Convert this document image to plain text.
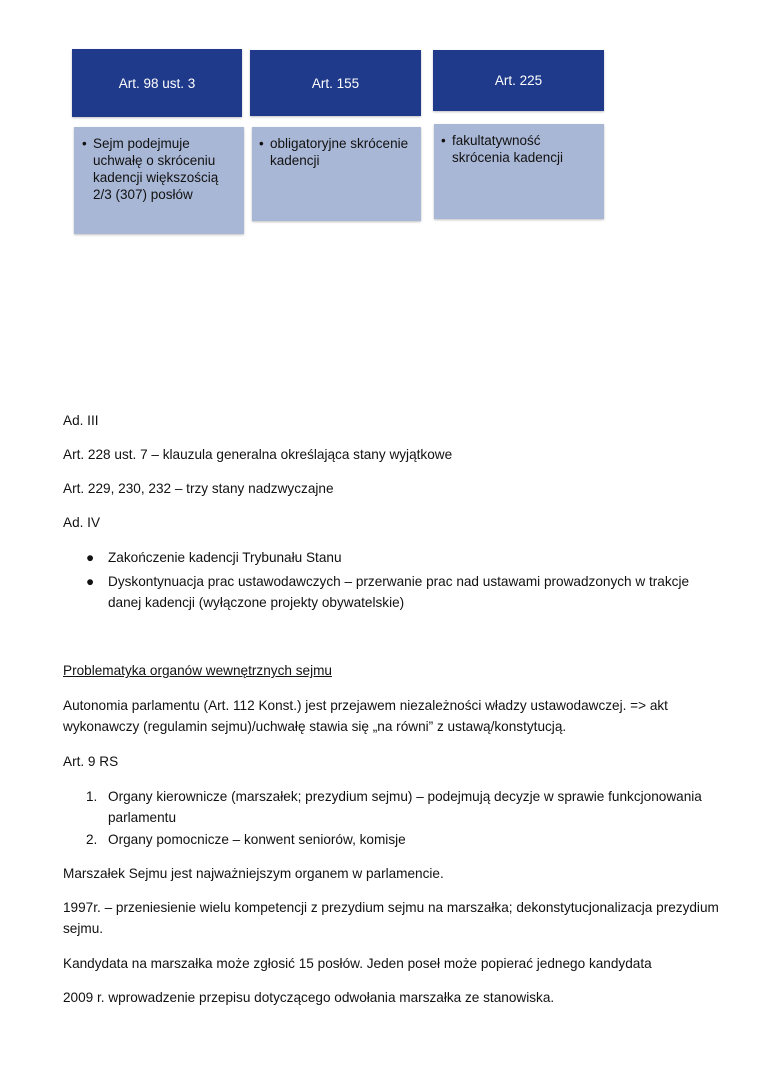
Art. 98 ust. 3	Art. 155	Art. 225
• Sejm podejmuje uchwałę o skróceniu kadencji większością 2/3 (307) posłów
• obligatoryjne skrócenie kadencji
• fakultatywność skrócenia kadencji
Ad. III
Art. 228 ust. 7 – klauzula generalna określająca stany wyjątkowe
Art. 229, 230, 232 – trzy stany nadzwyczajne
Ad. IV
● Zakończenie kadencji Trybunału Stanu
● Dyskontynuacja prac ustawodawczych – przerwanie prac nad ustawami prowadzonych w trakcje danej kadencji (wyłączone projekty obywatelskie)
Problematyka organów wewnętrznych sejmu
Autonomia parlamentu (Art. 112 Konst.) jest przejawem niezależności władzy ustawodawczej. => akt wykonawczy (regulamin sejmu)/uchwałę stawia się „na równi” z ustawą/konstytucją.
Art. 9 RS
1. Organy kierownicze (marszałek; prezydium sejmu) – podejmują decyzje w sprawie funkcjonowania parlamentu
2. Organy pomocnicze – konwent seniorów, komisje
Marszałek Sejmu jest najważniejszym organem w parlamencie.
1997r. – przeniesienie wielu kompetencji z prezydium sejmu na marszałka; dekonstytucjonalizacja prezydium sejmu.
Kandydata na marszałka może zgłosić 15 posłów. Jeden poseł może popierać jednego kandydata
2009 r. wprowadzenie przepisu dotyczącego odwołania marszałka ze stanowiska.
